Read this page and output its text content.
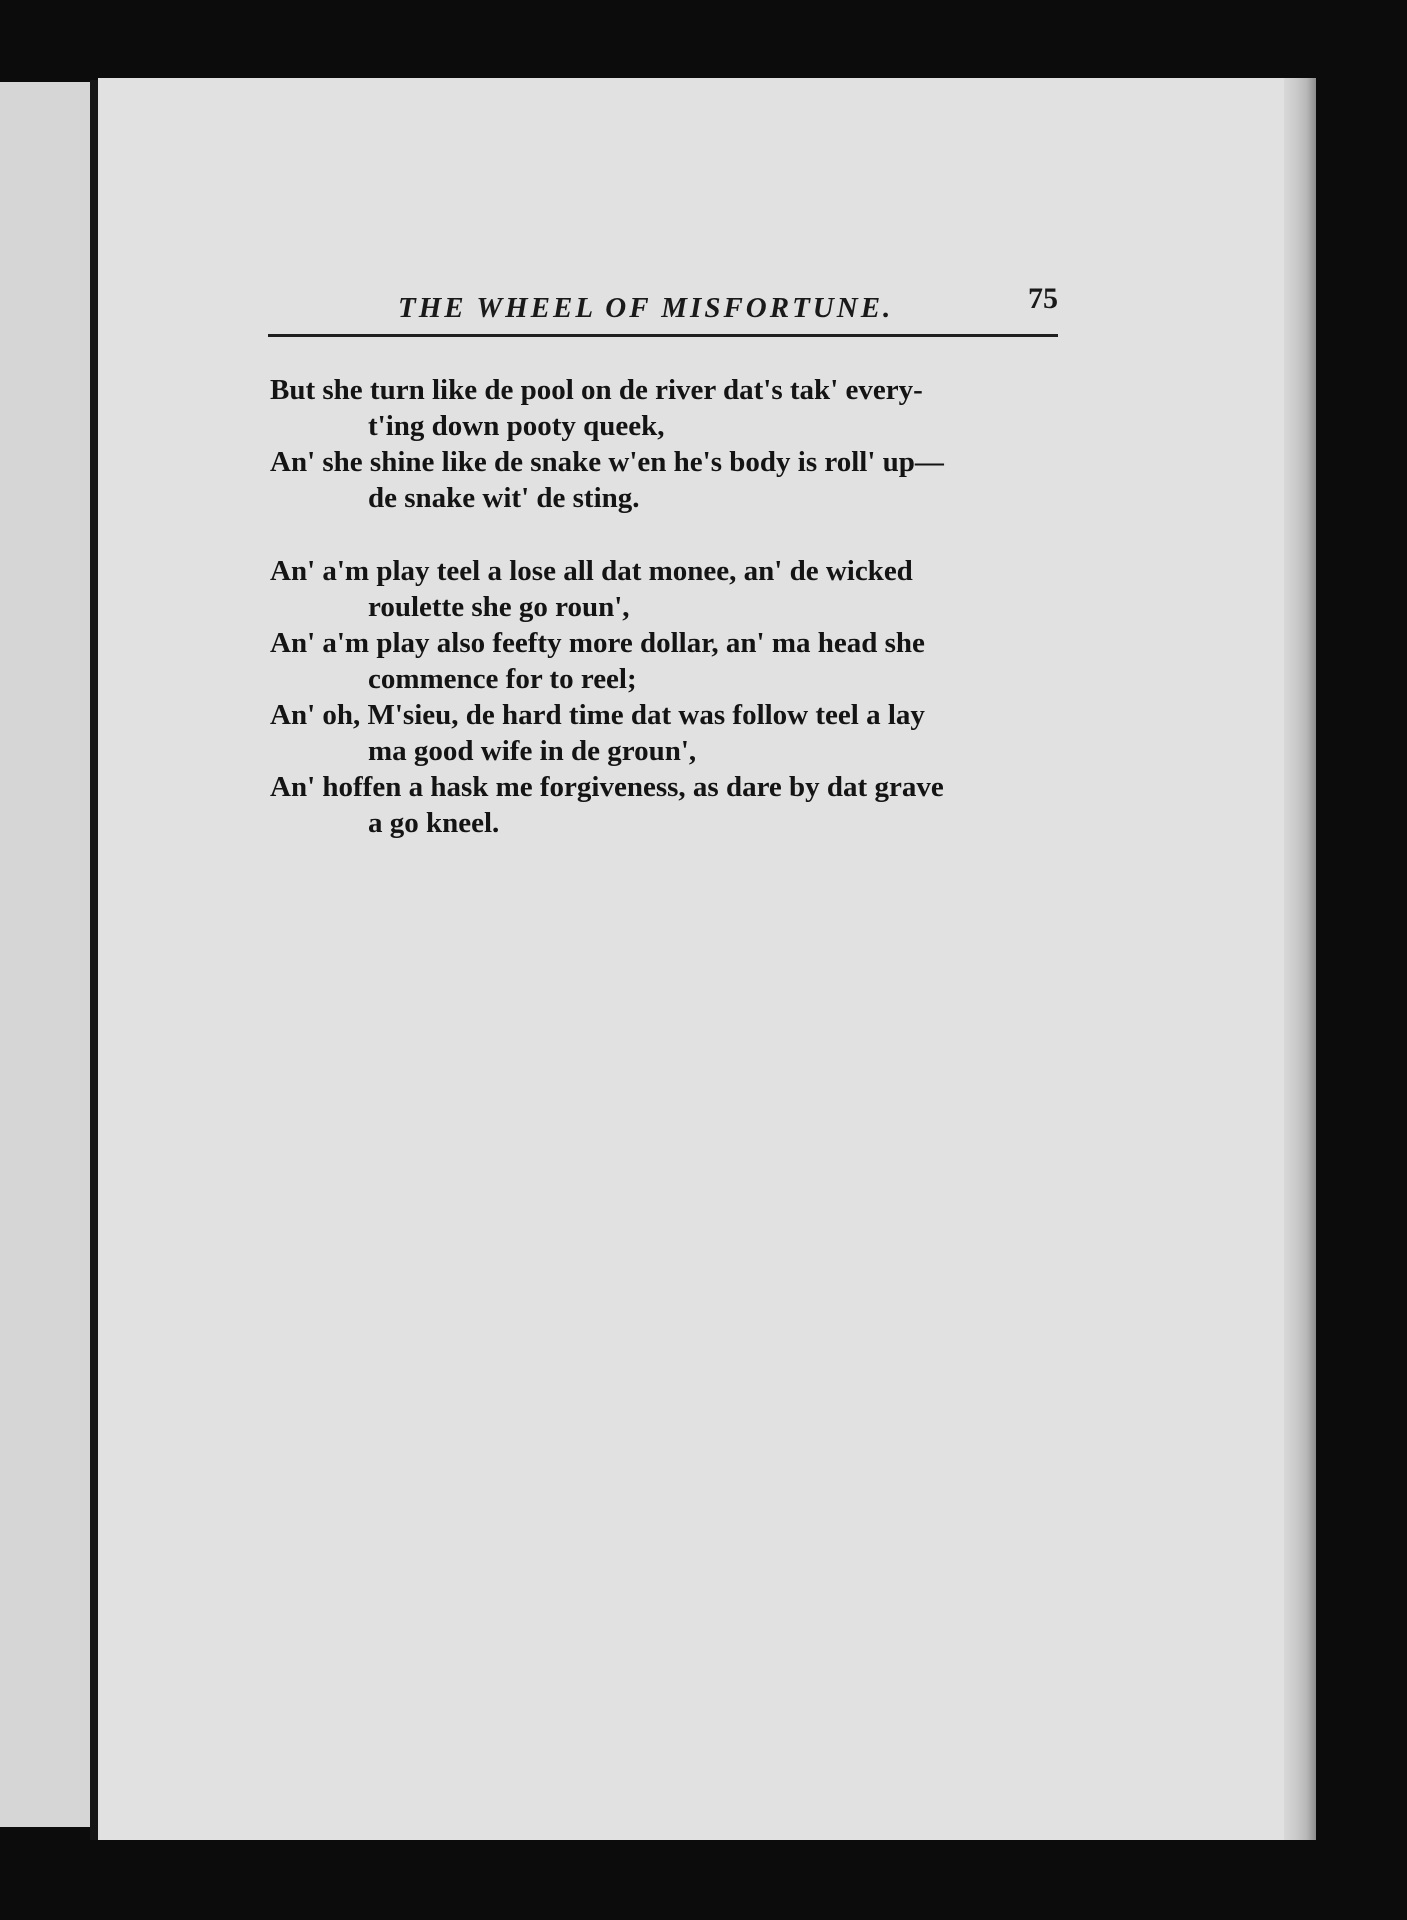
THE WHEEL OF MISFORTUNE.	75
But she turn like de pool on de river dat's tak' every-
t'ing down pooty queek,
An' she shine like de snake w'en he's body is roll' up—
de snake wit' de sting.
An' a'm play teel a lose all dat monee, an' de wicked
roulette she go roun',
An' a'm play also feefty more dollar, an' ma head she
commence for to reel;
An' oh, M'sieu, de hard time dat was follow teel a lay
ma good wife in de groun',
An' hoffen a hask me forgiveness, as dare by dat grave
a go kneel.
